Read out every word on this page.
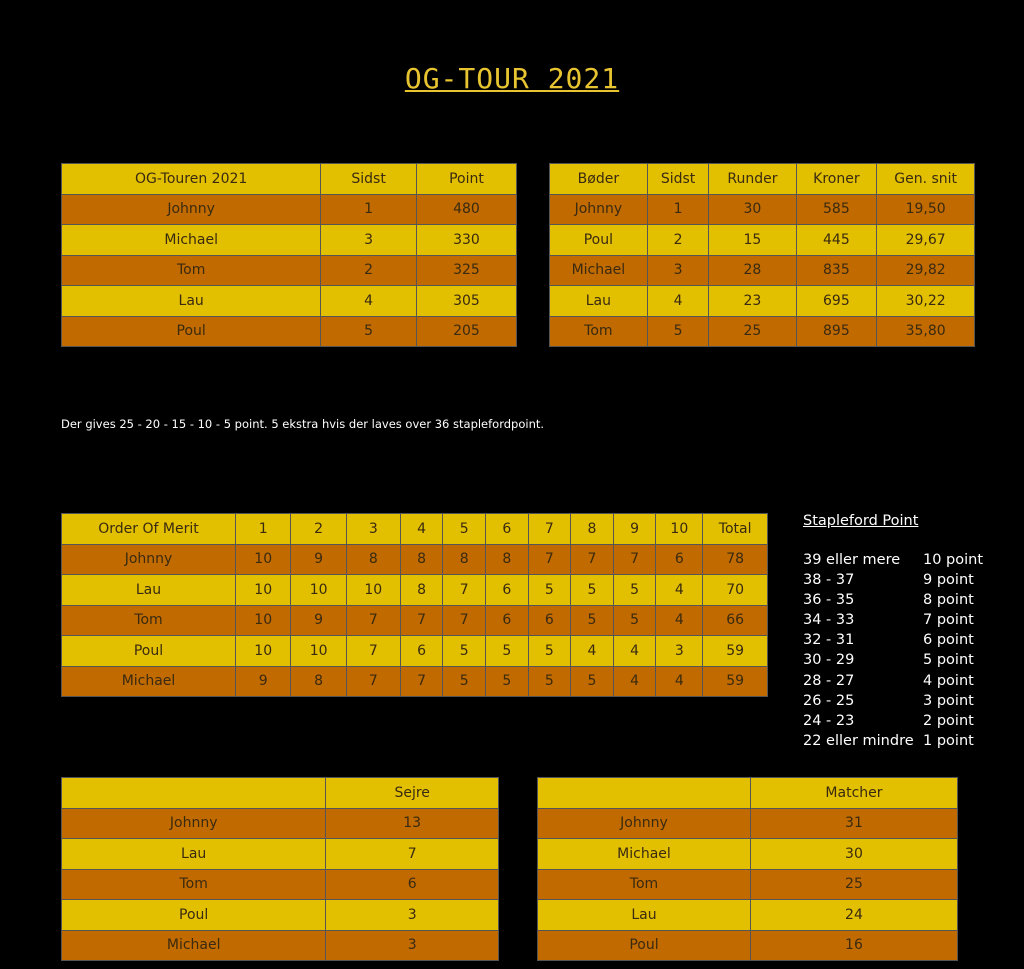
OG-TOUR 2021
OG-Touren 2021	Sidst	Point
Johnny	1	480
Michael	3	330
Tom	2	325
Lau	4	305
Poul	5	205
Bøder	Sidst	Runder	Kroner	Gen. snit
Johnny	1	30	585	19,50
Poul	2	15	445	29,67
Michael	3	28	835	29,82
Lau	4	23	695	30,22
Tom	5	25	895	35,80
Der gives 25 - 20 - 15 - 10 - 5 point. 5 ekstra hvis der laves over 36 staplefordpoint.
Order Of Merit	1	2	3	4	5	6	7	8	9	10	Total
Johnny	10	9	8	8	8	8	7	7	7	6	78
Lau	10	10	10	8	7	6	5	5	5	4	70
Tom	10	9	7	7	7	6	6	5	5	4	66
Poul	10	10	7	6	5	5	5	4	4	3	59
Michael	9	8	7	7	5	5	5	5	4	4	59
Stapleford Point
39 eller mere	10 point
38 - 37	9 point
36 - 35	8 point
34 - 33	7 point
32 - 31	6 point
30 - 29	5 point
28 - 27	4 point
26 - 25	3 point
24 - 23	2 point
22 eller mindre 1 point
	Sejre
Johnny	13
Lau	7
Tom	6
Poul	3
Michael	3
	Matcher
Johnny	31
Michael	30
Tom	25
Lau	24
Poul	16
